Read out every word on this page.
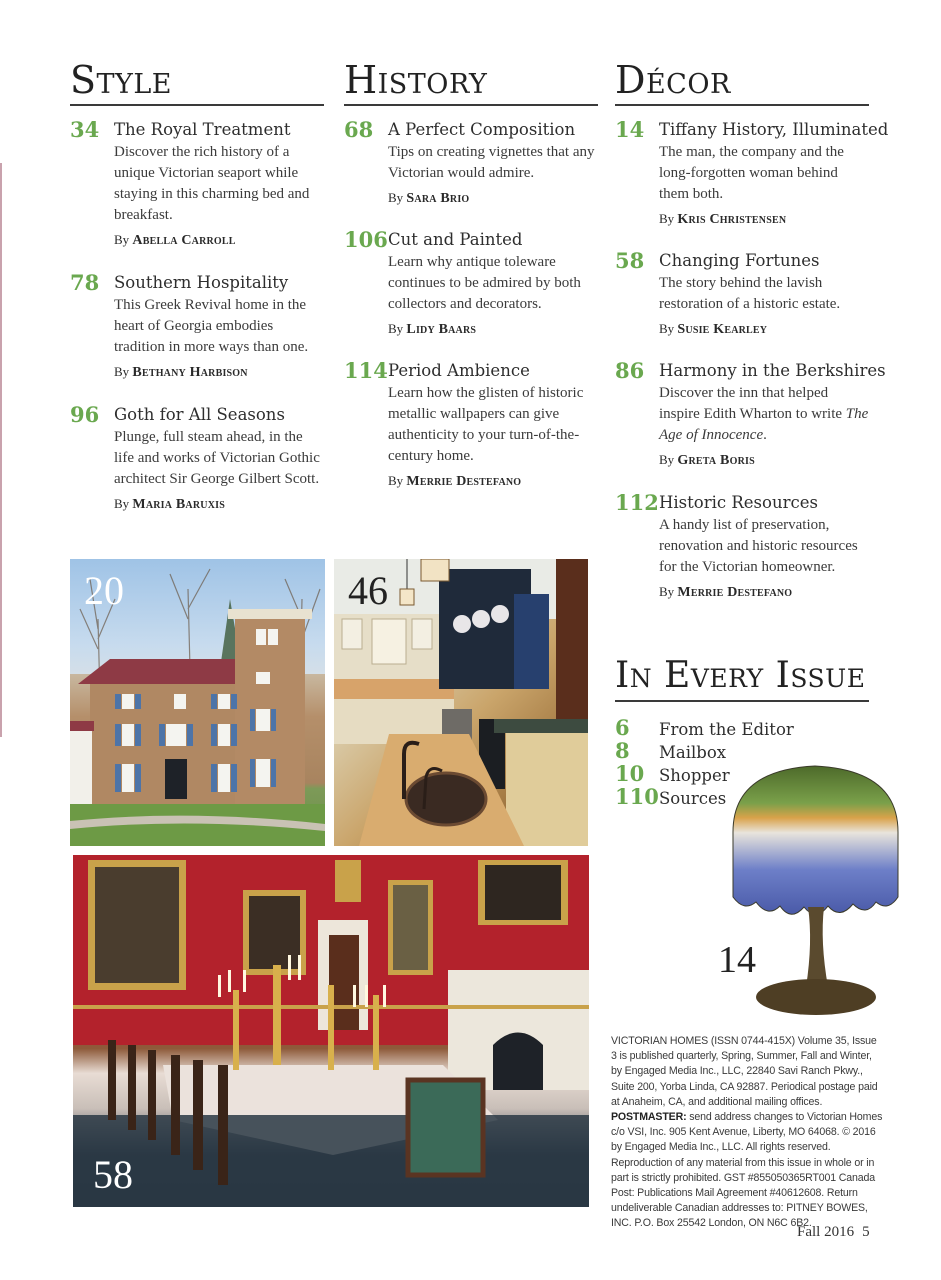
Style
34 The Royal Treatment
Discover the rich history of a unique Victorian seaport while staying in this charming bed and breakfast.
By Abella Carroll
78 Southern Hospitality
This Greek Revival home in the heart of Georgia embodies tradition in more ways than one.
By Bethany Harbison
96 Goth for All Seasons
Plunge, full steam ahead, in the life and works of Victorian Gothic architect Sir George Gilbert Scott.
By Maria Baruxis
History
68 A Perfect Composition
Tips on creating vignettes that any Victorian would admire.
By Sara Brio
106 Cut and Painted
Learn why antique toleware continues to be admired by both collectors and decorators.
By Lidy Baars
114 Period Ambience
Learn how the glisten of historic metallic wallpapers can give authenticity to your turn-of-the-century home.
By Merrie Destefano
Décor
14 Tiffany History, Illuminated
The man, the company and the long-forgotten woman behind them both.
By Kris Christensen
58 Changing Fortunes
The story behind the lavish restoration of a historic estate.
By Susie Kearley
86 Harmony in the Berkshires
Discover the inn that helped inspire Edith Wharton to write The Age of Innocence.
By Greta Boris
112 Historic Resources
A handy list of preservation, renovation and historic resources for the Victorian homeowner.
By Merrie Destefano
20	46
58
14
In Every Issue
6	From the Editor
8	Mailbox
10 Shopper
110 Sources
VICTORIAN HOMES (ISSN 0744-415X) Volume 35, Issue 3 is published quarterly, Spring, Summer, Fall and Winter, by Engaged Media Inc., LLC, 22840 Savi Ranch Pkwy., Suite 200, Yorba Linda, CA 92887. Periodical postage paid at Anaheim, CA, and additional mailing offices. POSTMASTER: send address changes to Victorian Homes c/o VSI, Inc. 905 Kent Avenue, Liberty, MO 64068. © 2016 by Engaged Media Inc., LLC. All rights reserved. Reproduction of any material from this issue in whole or in part is strictly prohibited. GST #855050365RT001 Canada Post: Publications Mail Agreement #40612608. Return undeliverable Canadian addresses to: PITNEY BOWES, INC. P.O. Box 25542 London, ON N6C 6B2.
Fall 2016 5
